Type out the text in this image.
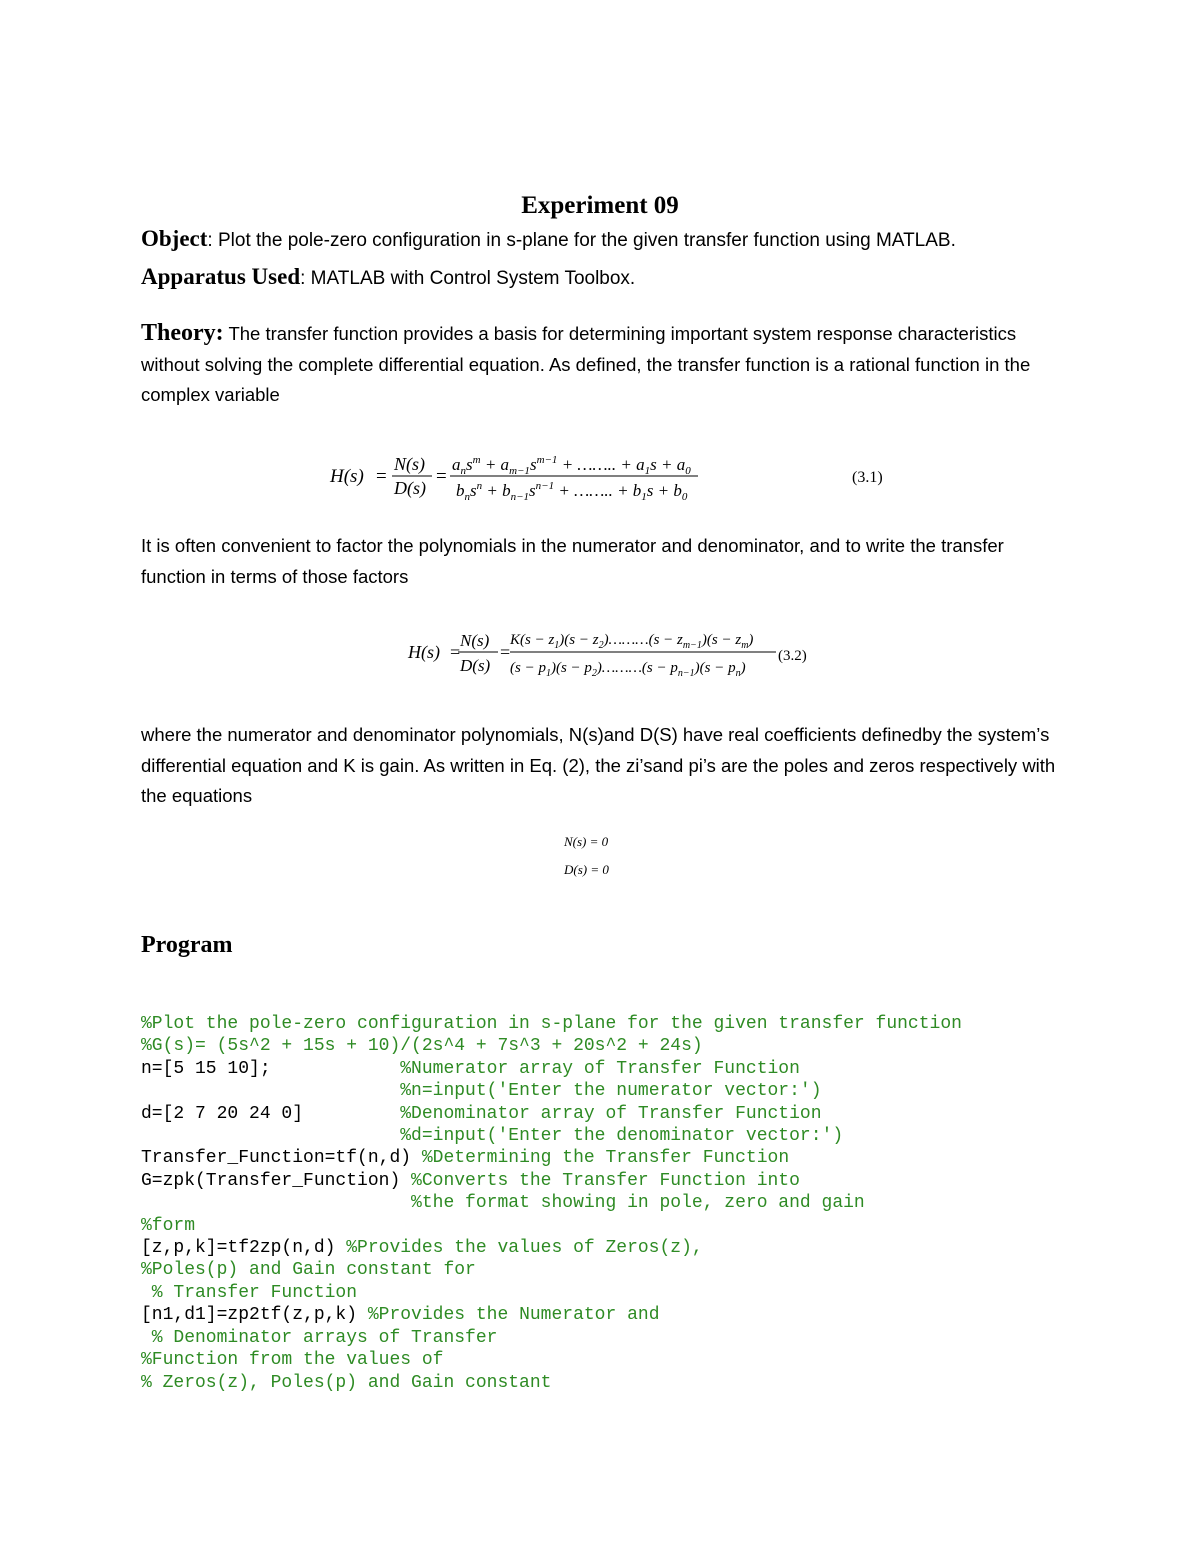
Experiment 09
Object: Plot the pole-zero configuration in s-plane for the given transfer function using MATLAB.
Apparatus Used: MATLAB with Control System Toolbox.
Theory: The transfer function provides a basis for determining important system response characteristics without solving the complete differential equation. As defined, the transfer function is a rational function in the complex variable
H(s) =
N(s)
D(s)
=
$a_ns^m + a_{m-1}s^{m-1}$ + …….. + $a_1s + a_0$
$b_ns^n + b_{n-1}s^{n-1}$ + …….. + $b_1s + b_0$
(3.1)
It is often convenient to factor the polynomials in the numerator and denominator, and to write the transfer function in terms of those factors
H(s) =
N(s)
D(s)
=
$K(s - z_1)(s$ − $z_2)\dots\dots\dots(s - z_{m-1})(s - z_m)$
$(s - p_1)(s$ − $p_2)\dots\dots\dots(s - p_{n-1})(s - p_n)$
(3.2)
where the numerator and denominator polynomials, N(s)and D(S) have real coefficients definedby the system’s differential equation and K is gain. As written in Eq. (2), the zi’sand pi’s are the poles and zeros respectively with the equations
N(s) = 0
D(s) = 0
Program
%Plot the pole-zero configuration in s-plane for the given transfer function
%G(s)= (5s^2 + 15s + 10)/(2s^4 + 7s^3 + 20s^2 + 24s)
n=[5 15 10];            %Numerator array of Transfer Function
%n=input('Enter the numerator vector:')
d=[2 7 20 24 0]         %Denominator array of Transfer Function
%d=input('Enter the denominator vector:')
Transfer_Function=tf(n,d) %Determining the Transfer Function
G=zpk(Transfer_Function) %Converts the Transfer Function into
%the format showing in pole, zero and gain
%form
[z,p,k]=tf2zp(n,d) %Provides the values of Zeros(z),
%Poles(p) and Gain constant for
% Transfer Function
[n1,d1]=zp2tf(z,p,k) %Provides the Numerator and
% Denominator arrays of Transfer
%Function from the values of
% Zeros(z), Poles(p) and Gain constant
